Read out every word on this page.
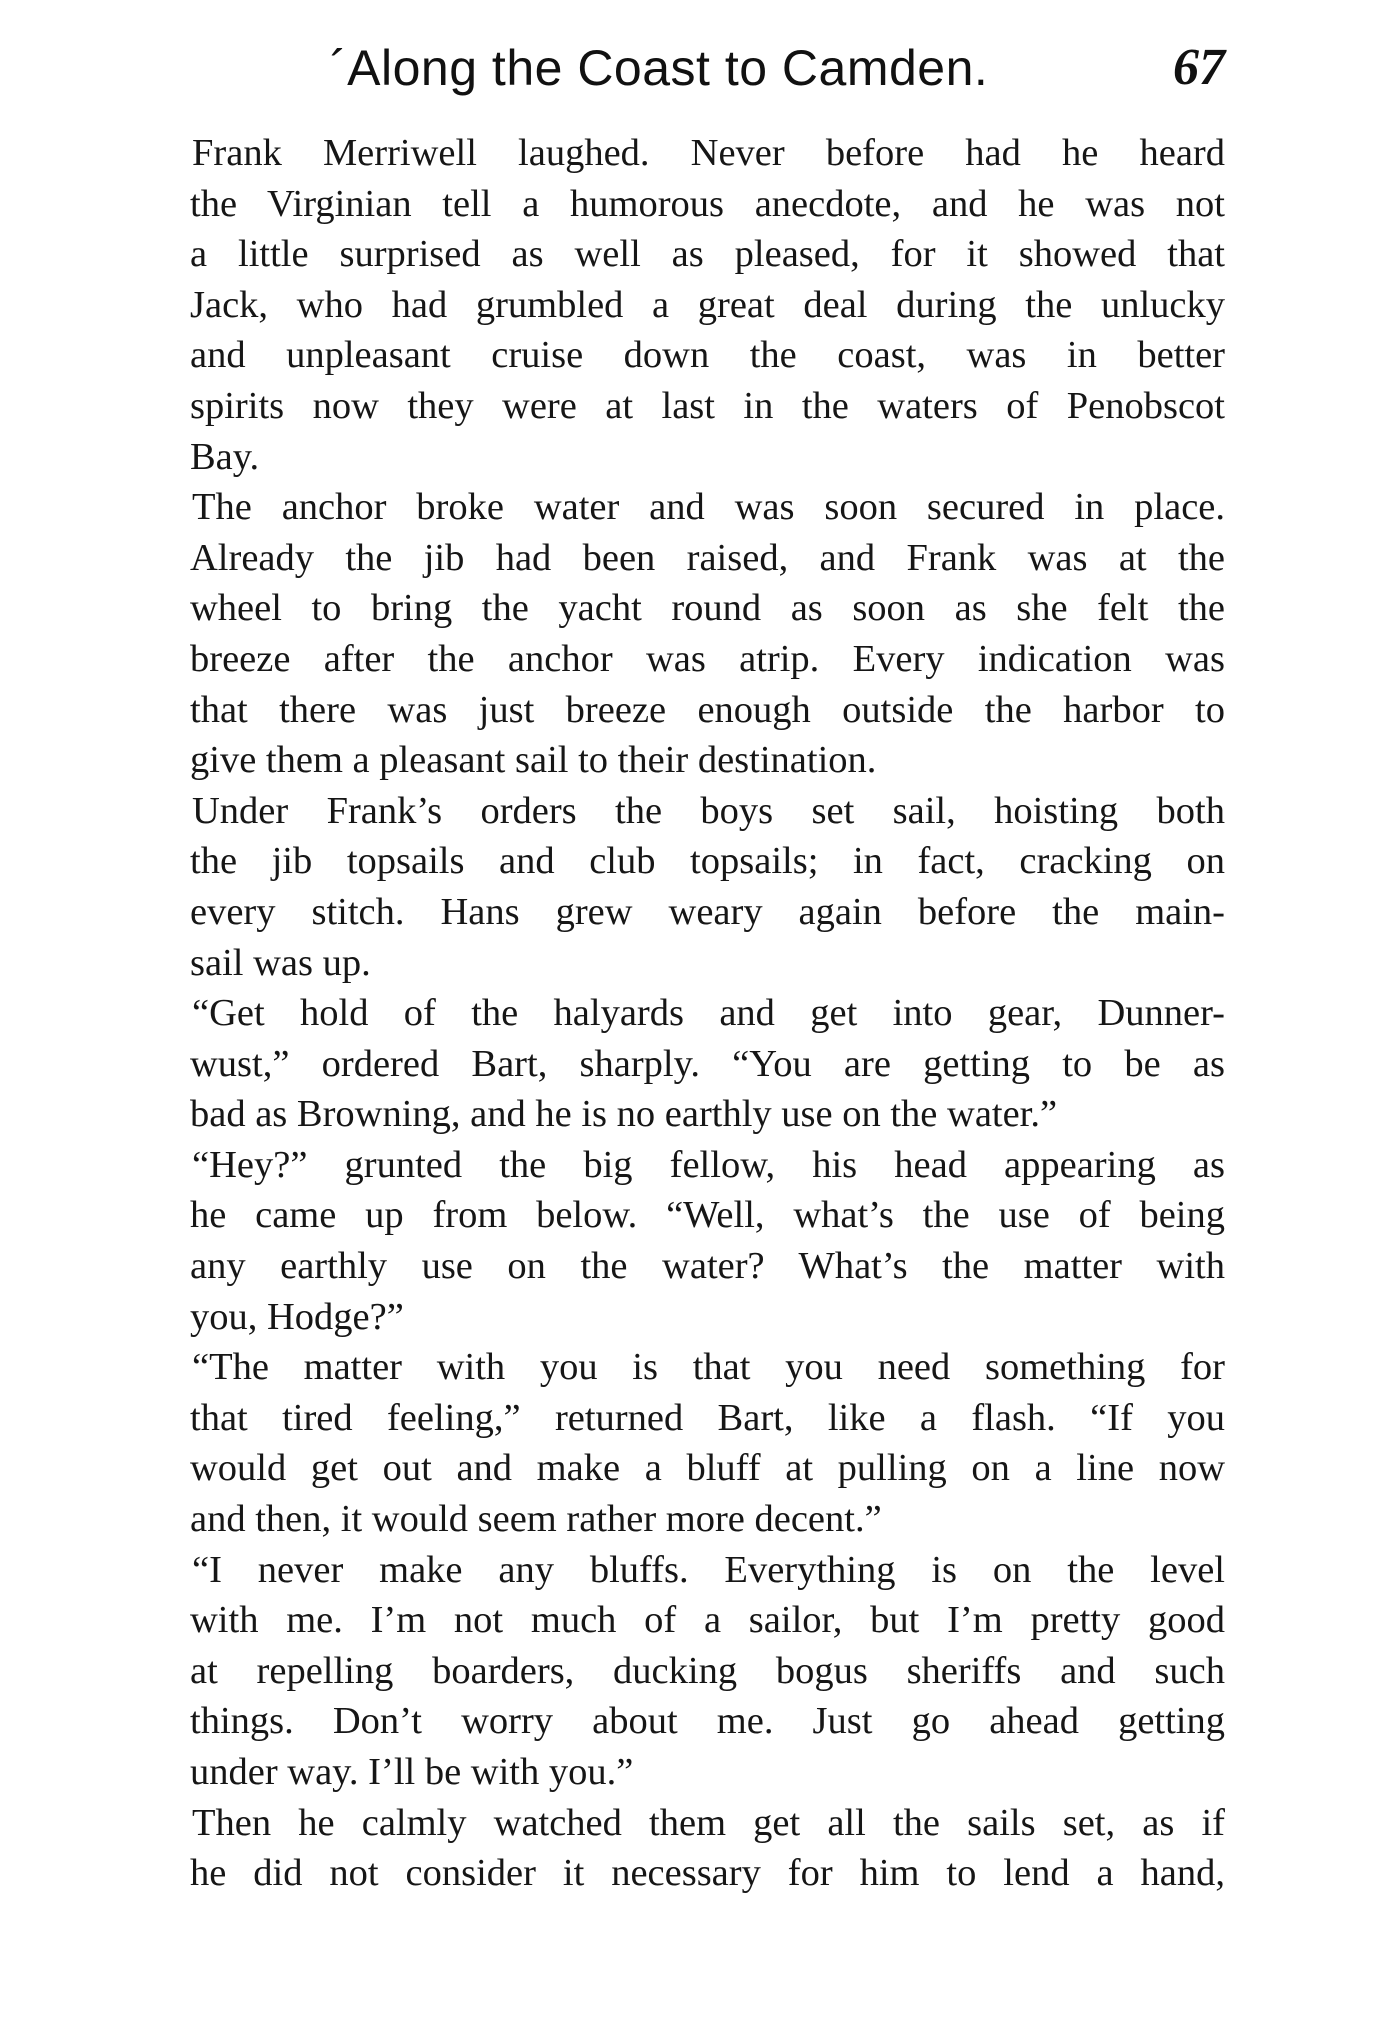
´Along the Coast to Camden.	67
Frank Merriwell laughed. Never before had he heard
the Virginian tell a humorous anecdote, and he was not
a little surprised as well as pleased, for it showed that
Jack, who had grumbled a great deal during the unlucky
and unpleasant cruise down the coast, was in better
spirits now they were at last in the waters of Penobscot
Bay.
The anchor broke water and was soon secured in place.
Already the jib had been raised, and Frank was at the
wheel to bring the yacht round as soon as she felt the
breeze after the anchor was atrip. Every indication was
that there was just breeze enough outside the harbor to
give them a pleasant sail to their destination.
Under Frank’s orders the boys set sail, hoisting both
the jib topsails and club topsails; in fact, cracking on
every stitch. Hans grew weary again before the main-
sail was up.
“Get hold of the halyards and get into gear, Dunner-
wust,” ordered Bart, sharply. “You are getting to be as
bad as Browning, and he is no earthly use on the water.”
“Hey?” grunted the big fellow, his head appearing as
he came up from below. “Well, what’s the use of being
any earthly use on the water? What’s the matter with
you, Hodge?”
“The matter with you is that you need something for
that tired feeling,” returned Bart, like a flash. “If you
would get out and make a bluff at pulling on a line now
and then, it would seem rather more decent.”
“I never make any bluffs. Everything is on the level
with me. I’m not much of a sailor, but I’m pretty good
at repelling boarders, ducking bogus sheriffs and such
things. Don’t worry about me. Just go ahead getting
under way. I’ll be with you.”
Then he calmly watched them get all the sails set, as if
he did not consider it necessary for him to lend a hand,
